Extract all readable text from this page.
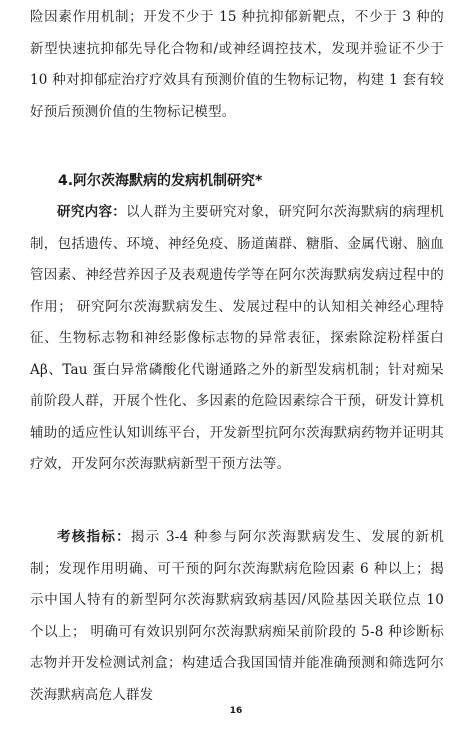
险因素作用机制；开发不少于 15 种抗抑郁新靶点，不少于 3 种的新型快速抗抑郁先导化合物和/或神经调控技术，发现并验证不少于 10 种对抑郁症治疗疗效具有预测价值的生物标记物，构建 1 套有较好预后预测价值的生物标记模型。

4.阿尔茨海默病的发病机制研究*

研究内容：以人群为主要研究对象，研究阿尔茨海默病的病理机制，包括遗传、环境、神经免疫、肠道菌群、糖脂、金属代谢、脑血管因素、神经营养因子及表观遗传学等在阿尔茨海默病发病过程中的作用； 研究阿尔茨海默病发生、发展过程中的认知相关神经心理特征、生物标志物和神经影像标志物的异常表征，探索除淀粉样蛋白 Aβ、Tau 蛋白异常磷酸化代谢通路之外的新型发病机制；针对痴呆前阶段人群，开展个性化、多因素的危险因素综合干预，研发计算机辅助的适应性认知训练平台，开发新型抗阿尔茨海默病药物并证明其疗效，开发阿尔茨海默病新型干预方法等。

考核指标：揭示 3-4 种参与阿尔茨海默病发生、发展的新机制；发现作用明确、可干预的阿尔茨海默病危险因素 6 种以上；揭示中国人特有的新型阿尔茨海默病致病基因/风险基因关联位点 10 个以上； 明确可有效识别阿尔茨海默病痴呆前阶段的 5-8 种诊断标志物并开发检测试剂盒；构建适合我国国情并能准确预测和筛选阿尔茨海默病高危人群发

16
